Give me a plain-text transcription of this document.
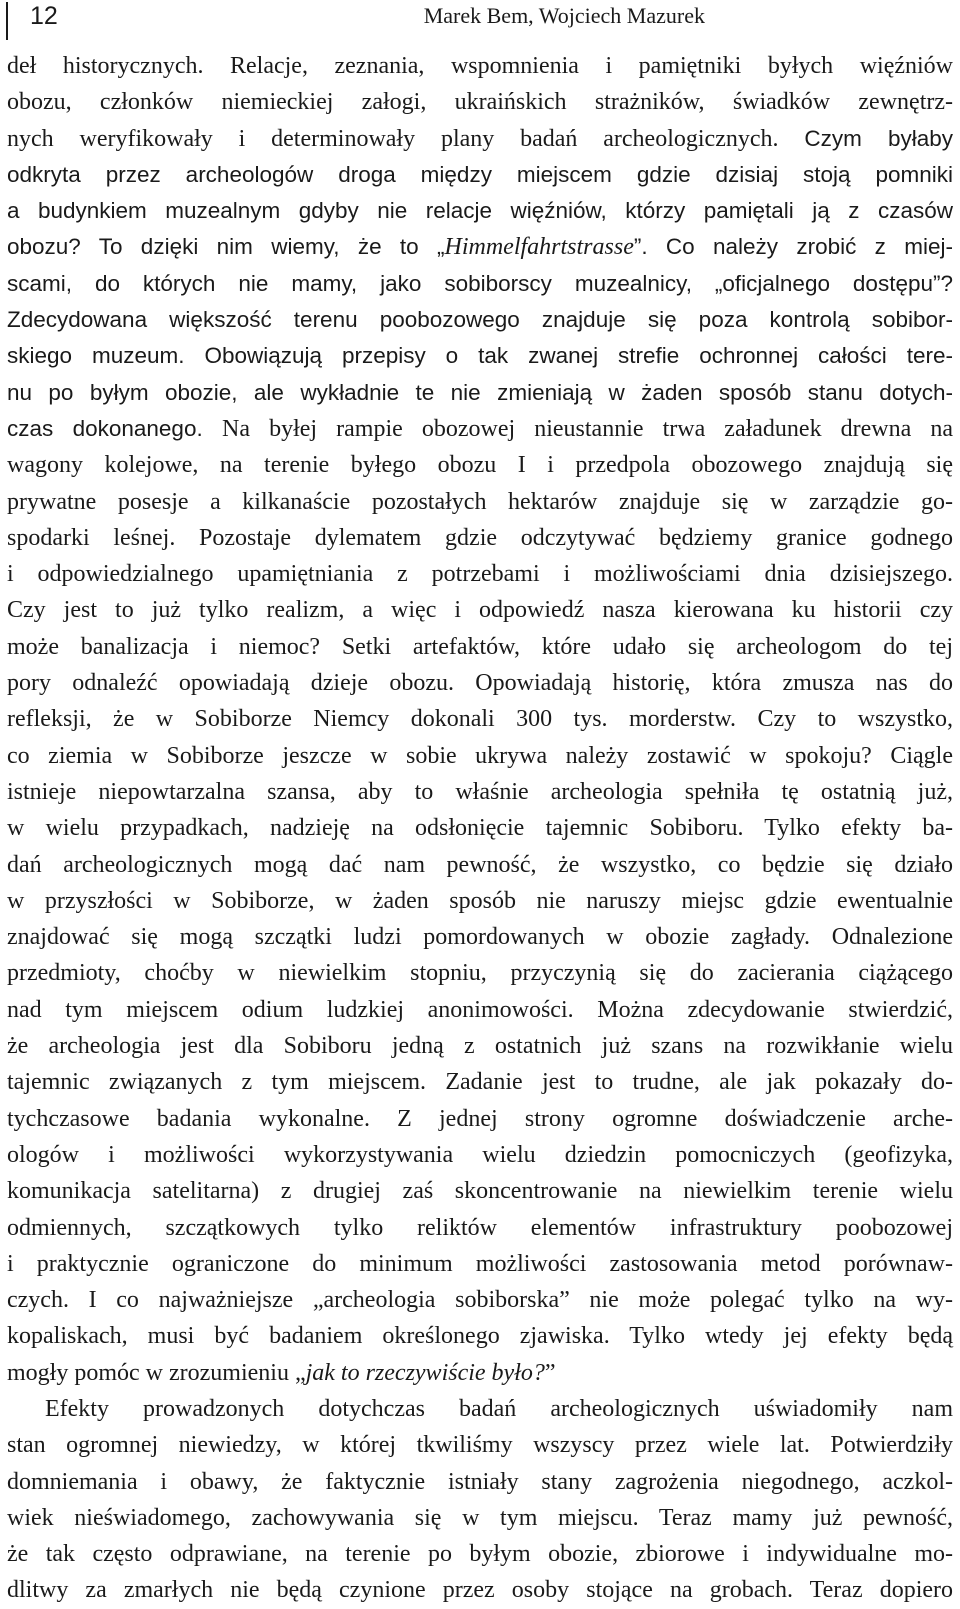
12	Marek Bem, Wojciech Mazurek

deł historycznych. Relacje, zeznania, wspomnienia i pamiętniki byłych więźniów

obozu, członków niemieckiej załogi, ukraińskich strażników, świadków zewnętrz-

nych weryfikowały i determinowały plany badań archeologicznych. Czym byłaby

odkryta przez archeologów droga między miejscem gdzie dzisiaj stoją pomniki

a budynkiem muzealnym gdyby nie relacje więźniów, którzy pamiętali ją z czasów

obozu? To dzięki nim wiemy, że to „Himmelfahrtstrasse”. Co należy zrobić z miej-

scami, do których nie mamy, jako sobiborscy muzealnicy, „oficjalnego dostępu”?

Zdecydowana większość terenu poobozowego znajduje się poza kontrolą sobibor-

skiego muzeum. Obowiązują przepisy o tak zwanej strefie ochronnej całości tere-

nu po byłym obozie, ale wykładnie te nie zmieniają w żaden sposób stanu dotych-

czas dokonanego. Na byłej rampie obozowej nieustannie trwa załadunek drewna na

wagony kolejowe, na terenie byłego obozu I i przedpola obozowego znajdują się

prywatne posesje a kilkanaście pozostałych hektarów znajduje się w zarządzie go-

spodarki leśnej. Pozostaje dylematem gdzie odczytywać będziemy granice godnego

i odpowiedzialnego upamiętniania z potrzebami i możliwościami dnia dzisiejszego.

Czy jest to już tylko realizm, a więc i odpowiedź nasza kierowana ku historii czy

może banalizacja i niemoc? Setki artefaktów, które udało się archeologom do tej

pory odnaleźć opowiadają dzieje obozu. Opowiadają historię, która zmusza nas do

refleksji, że w Sobiborze Niemcy dokonali 300 tys. morderstw. Czy to wszystko,

co ziemia w Sobiborze jeszcze w sobie ukrywa należy zostawić w spokoju? Ciągle

istnieje niepowtarzalna szansa, aby to właśnie archeologia spełniła tę ostatnią już,

w wielu przypadkach, nadzieję na odsłonięcie tajemnic Sobiboru. Tylko efekty ba-

dań archeologicznych mogą dać nam pewność, że wszystko, co będzie się działo

w przyszłości w Sobiborze, w żaden sposób nie naruszy miejsc gdzie ewentualnie

znajdować się mogą szczątki ludzi pomordowanych w obozie zagłady. Odnalezione

przedmioty, choćby w niewielkim stopniu, przyczynią się do zacierania ciążącego

nad tym miejscem odium ludzkiej anonimowości. Można zdecydowanie stwierdzić,

że archeologia jest dla Sobiboru jedną z ostatnich już szans na rozwikłanie wielu

tajemnic związanych z tym miejscem. Zadanie jest to trudne, ale jak pokazały do-

tychczasowe badania wykonalne. Z jednej strony ogromne doświadczenie arche-

ologów i możliwości wykorzystywania wielu dziedzin pomocniczych (geofizyka,

komunikacja satelitarna) z drugiej zaś skoncentrowanie na niewielkim terenie wielu

odmiennych, szczątkowych tylko reliktów elementów infrastruktury poobozowej

i praktycznie ograniczone do minimum możliwości zastosowania metod porównaw-

czych. I co najważniejsze „archeologia sobiborska” nie może polegać tylko na wy-

kopaliskach, musi być badaniem określonego zjawiska. Tylko wtedy jej efekty będą

mogły pomóc w zrozumieniu „jak to rzeczywiście było?”

Efekty prowadzonych dotychczas badań archeologicznych uświadomiły nam

stan ogromnej niewiedzy, w której tkwiliśmy wszyscy przez wiele lat. Potwierdziły

domniemania i obawy, że faktycznie istniały stany zagrożenia niegodnego, aczkol-

wiek nieświadomego, zachowywania się w tym miejscu. Teraz mamy już pewność,

że tak często odprawiane, na terenie po byłym obozie, zbiorowe i indywidualne mo-

dlitwy za zmarłych nie będą czynione przez osoby stojące na grobach. Teraz dopiero
